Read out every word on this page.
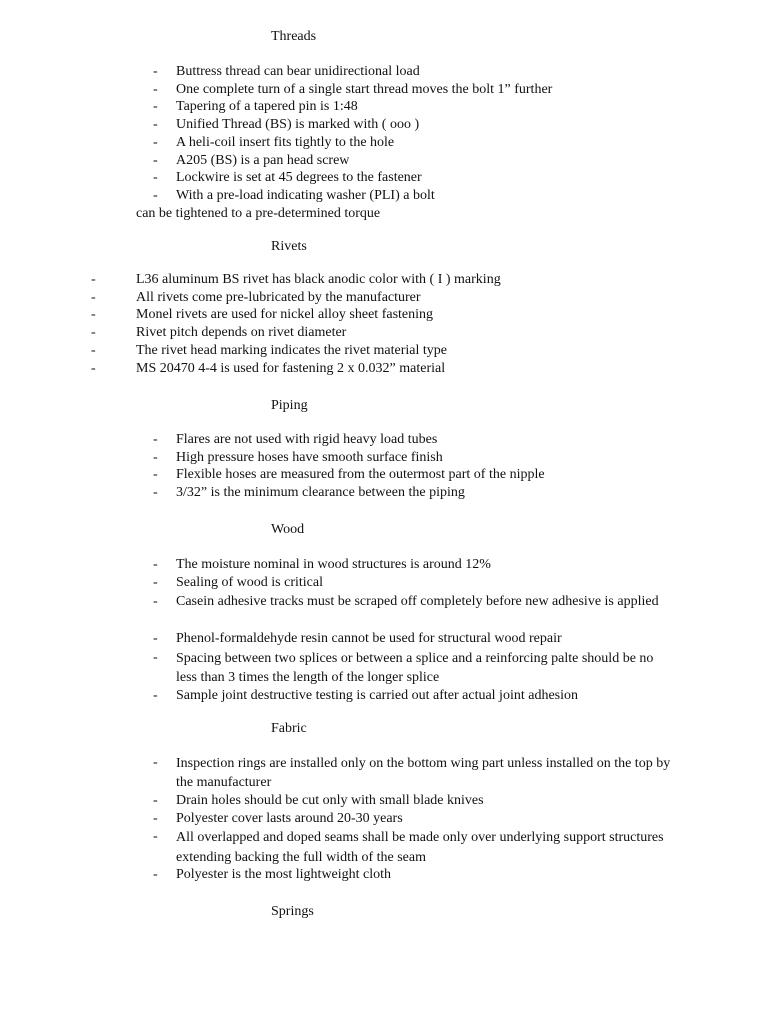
Threads
- Buttress thread can bear unidirectional load
- One complete turn of a single start thread moves the bolt 1” further
- Tapering of a tapered pin is 1:48
- Unified Thread (BS) is marked with ( ooo )
- A heli-coil insert fits tightly to the hole
- A205 (BS) is a pan head screw
- Lockwire is set at 45 degrees to the fastener
- With a pre-load indicating washer (PLI) a bolt
can be tightened to a pre-determined torque
Rivets
-	L36 aluminum BS rivet has black anodic color with ( I ) marking
-	All rivets come pre-lubricated by the manufacturer
-	Monel rivets are used for nickel alloy sheet fastening
-	Rivet pitch depends on rivet diameter
-	The rivet head marking indicates the rivet material type
-	MS 20470 4-4 is used for fastening 2 x 0.032” material
Piping
- Flares are not used with rigid heavy load tubes
- High pressure hoses have smooth surface finish
- Flexible hoses are measured from the outermost part of the nipple
- 3/32” is the minimum clearance between the piping
Wood
- The moisture nominal in wood structures is around 12%
- Sealing of wood is critical
- Casein adhesive tracks must be scraped off completely before new adhesive is applied
- Phenol-formaldehyde resin cannot be used for structural wood repair
- Spacing between two splices or between a splice and a reinforcing palte should be no less than 3 times the length of the longer splice
- Sample joint destructive testing is carried out after actual joint adhesion
Fabric
- Inspection rings are installed only on the bottom wing part unless installed on the top by the manufacturer
- Drain holes should be cut only with small blade knives
- Polyester cover lasts around 20-30 years
- All overlapped and doped seams shall be made only over underlying support structures extending backing the full width of the seam
- Polyester is the most lightweight cloth
Springs
